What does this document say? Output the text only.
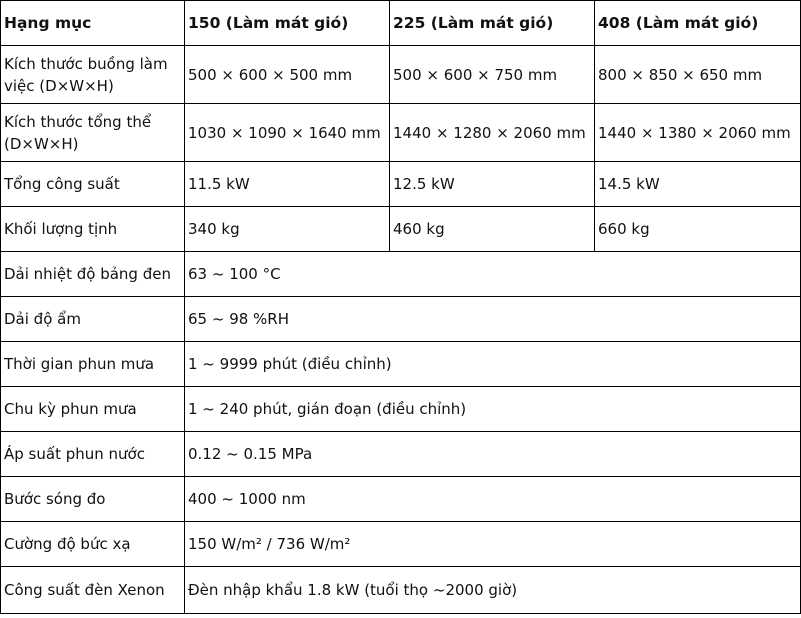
Hạng mục	150 (Làm mát gió)	225 (Làm mát gió)	408 (Làm mát gió)
Kích thước buồng làm việc (D×W×H)	500 × 600 × 500 mm	500 × 600 × 750 mm	800 × 850 × 650 mm
Kích thước tổng thể (D×W×H)	1030 × 1090 × 1640 mm	1440 × 1280 × 2060 mm	1440 × 1380 × 2060 mm
Tổng công suất	11.5 kW	12.5 kW	14.5 kW
Khối lượng tịnh	340 kg	460 kg	660 kg
Dải nhiệt độ bảng đen	63 ~ 100 °C		
Dải độ ẩm	65 ~ 98 %RH		
Thời gian phun mưa	1 ~ 9999 phút (điều chỉnh)		
Chu kỳ phun mưa	1 ~ 240 phút, gián đoạn (điều chỉnh)		
Áp suất phun nước	0.12 ~ 0.15 MPa		
Bước sóng đo	400 ~ 1000 nm		
Cường độ bức xạ	150 W/m² / 736 W/m²		
Công suất đèn Xenon	Đèn nhập khẩu 1.8 kW (tuổi thọ ~2000 giờ)		
